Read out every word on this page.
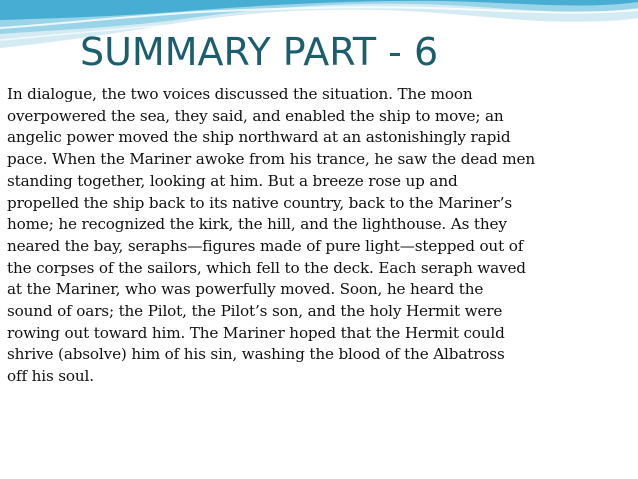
SUMMARY PART - 6

In dialogue, the two voices discussed the situation. The moon
overpowered the sea, they said, and enabled the ship to move; an
angelic power moved the ship northward at an astonishingly rapid
pace. When the Mariner awoke from his trance, he saw the dead men
standing together, looking at him. But a breeze rose up and
propelled the ship back to its native country, back to the Mariner’s
home; he recognized the kirk, the hill, and the lighthouse. As they
neared the bay, seraphs—figures made of pure light—stepped out of
the corpses of the sailors, which fell to the deck. Each seraph waved
at the Mariner, who was powerfully moved. Soon, he heard the
sound of oars; the Pilot, the Pilot’s son, and the holy Hermit were
rowing out toward him. The Mariner hoped that the Hermit could
shrive (absolve) him of his sin, washing the blood of the Albatross
off his soul.
